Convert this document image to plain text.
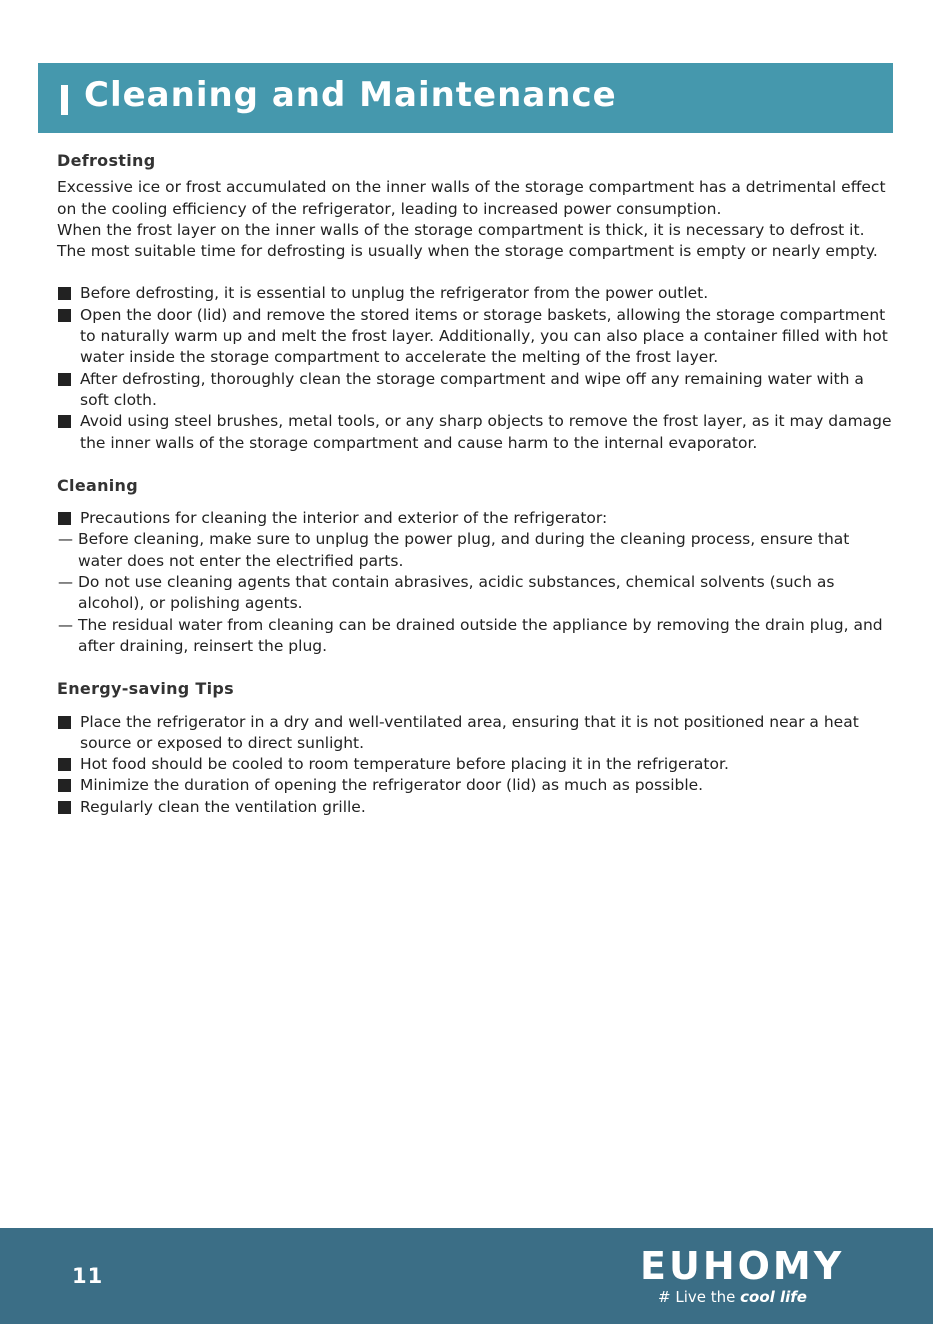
Cleaning and Maintenance
Defrosting

Excessive ice or frost accumulated on the inner walls of the storage compartment has a detrimental effect on the cooling efficiency of the refrigerator, leading to increased power consumption.

When the frost layer on the inner walls of the storage compartment is thick, it is necessary to defrost it. The most suitable time for defrosting is usually when the storage compartment is empty or nearly empty.

Before defrosting, it is essential to unplug the refrigerator from the power outlet.
Open the door (lid) and remove the stored items or storage baskets, allowing the storage compartment to naturally warm up and melt the frost layer. Additionally, you can also place a container filled with hot water inside the storage compartment to accelerate the melting of the frost layer.
After defrosting, thoroughly clean the storage compartment and wipe off any remaining water with a soft cloth.
Avoid using steel brushes, metal tools, or any sharp objects to remove the frost layer, as it may damage the inner walls of the storage compartment and cause harm to the internal evaporator.
Cleaning
Precautions for cleaning the interior and exterior of the refrigerator:
— Before cleaning, make sure to unplug the power plug, and during the cleaning process, ensure that water does not enter the electrified parts.
— Do not use cleaning agents that contain abrasives, acidic substances, chemical solvents (such as alcohol), or polishing agents.
— The residual water from cleaning can be drained outside the appliance by removing the drain plug, and after draining, reinsert the plug.
Energy-saving Tips
Place the refrigerator in a dry and well-ventilated area, ensuring that it is not positioned near a heat source or exposed to direct sunlight.
Hot food should be cooled to room temperature before placing it in the refrigerator.
Minimize the duration of opening the refrigerator door (lid) as much as possible.
Regularly clean the ventilation grille.
11	EUHOMY
# Live the cool life
